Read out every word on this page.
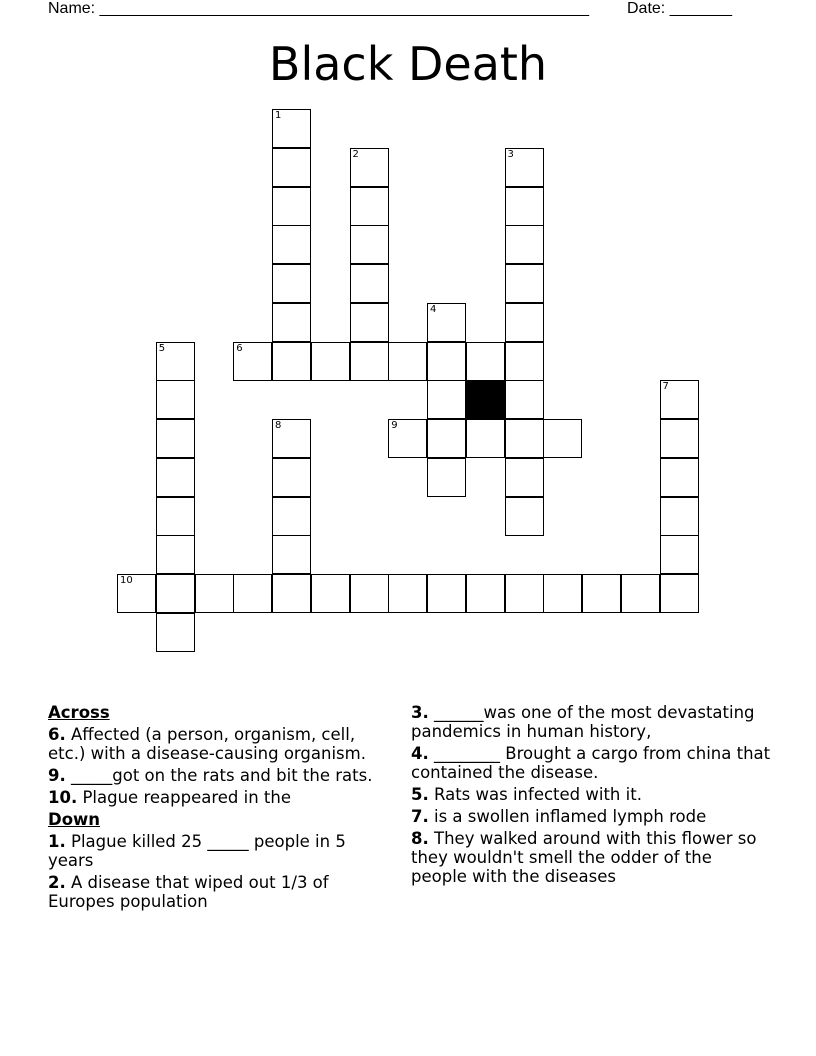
Name: _______________________________________________________ Date: _______
Black Death
1
2	3
4
5	6
7
8	9
10
Across
6. Affected (a person, organism, cell, etc.) with a disease-causing organism.
9. _____got on the rats and bit the rats.
10. Plague reappeared in the
Down
1. Plague killed 25 _____ people in 5 years
2. A disease that wiped out 1/3 of Europes population
3. ______was one of the most devastating pandemics in human history,
4. ________ Brought a cargo from china that contained the disease.
5. Rats was infected with it.
7. is a swollen inflamed lymph rode
8. They walked around with this flower so they wouldn't smell the odder of the people with the diseases
